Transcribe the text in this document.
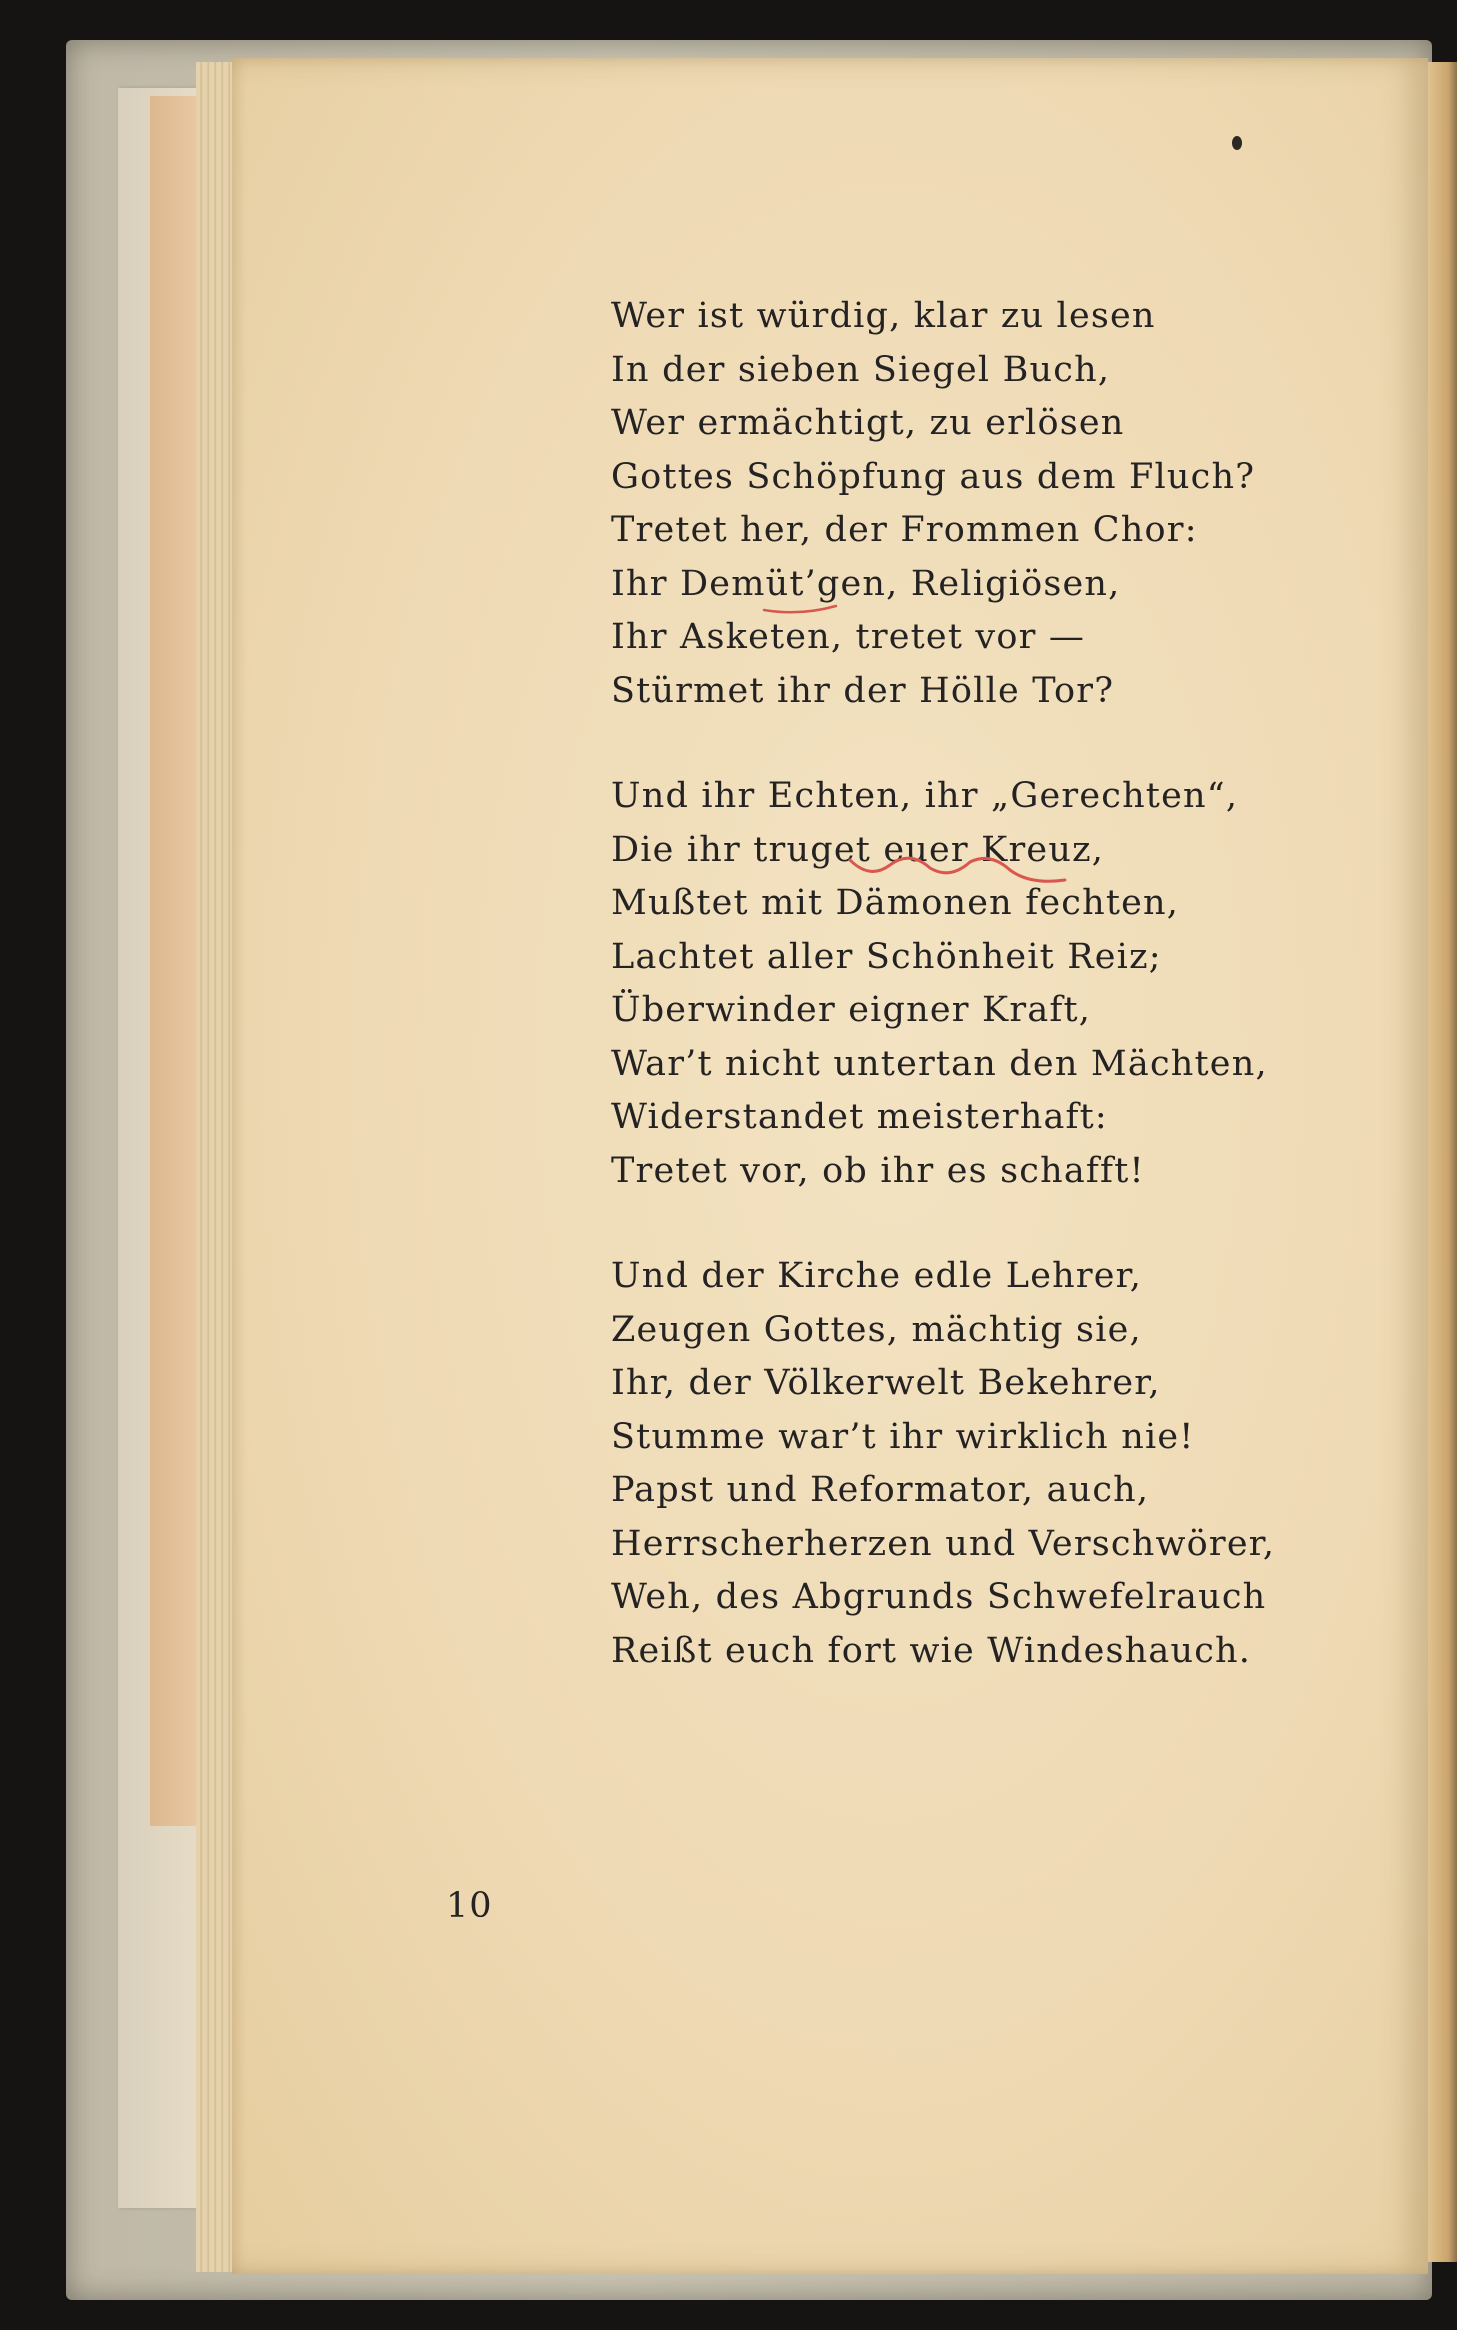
Wer ist würdig, klar zu lesen
In der sieben Siegel Buch,
Wer ermächtigt, zu erlösen
Gottes Schöpfung aus dem Fluch?
Tretet her, der Frommen Chor:
Ihr Demüt’gen, Religiösen,
Ihr Asketen, tretet vor —
Stürmet ihr der Hölle Tor?
Und ihr Echten, ihr „Gerechten“,
Die ihr truget euer Kreuz,
Mußtet mit Dämonen fechten,
Lachtet aller Schönheit Reiz;
Überwinder eigner Kraft,
War’t nicht untertan den Mächten,
Widerstandet meisterhaft:
Tretet vor, ob ihr es schafft!
Und der Kirche edle Lehrer,
Zeugen Gottes, mächtig sie,
Ihr, der Völkerwelt Bekehrer,
Stumme war’t ihr wirklich nie!
Papst und Reformator, auch,
Herrscherherzen und Verschwörer,
Weh, des Abgrunds Schwefelrauch
Reißt euch fort wie Windeshauch.
10
